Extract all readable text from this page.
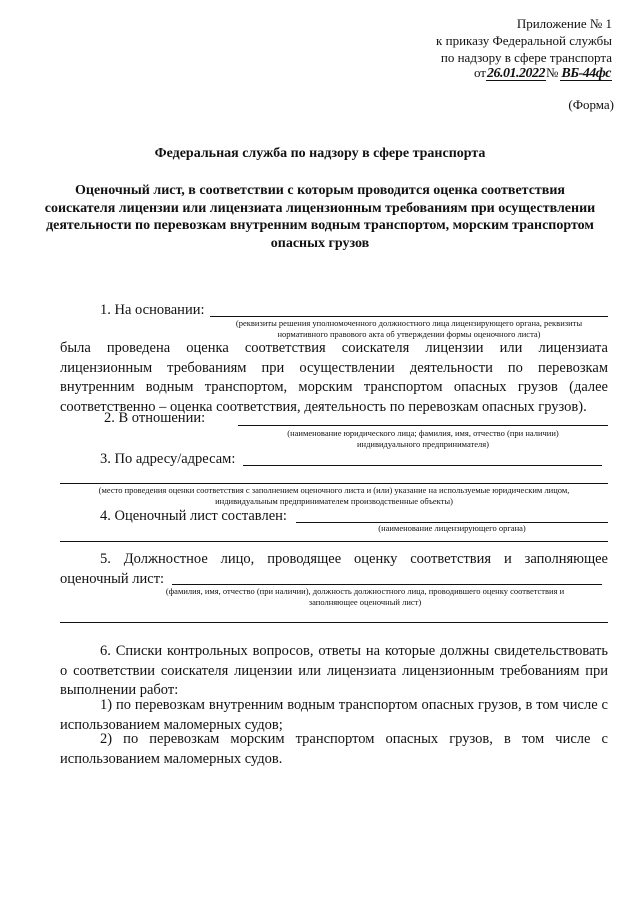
Приложение № 1
к приказу Федеральной службы
по надзору в сфере транспорта
от26.01.2022№ ВБ-44фс
(Форма)
Федеральная служба по надзору в сфере транспорта
Оценочный лист, в соответствии с которым проводится оценка соответствия соискателя лицензии или лицензиата лицензионным требованиям при осуществлении деятельности по перевозкам внутренним водным транспортом, морским транспортом опасных грузов
1. На основании:
(реквизиты решения уполномоченного должностного лица лицензирующего органа, реквизиты
нормативного правового акта об утверждении формы оценочного листа)
была проведена оценка соответствия соискателя лицензии или лицензиата лицензионным требованиям при осуществлении деятельности по перевозкам внутренним водным транспортом, морским транспортом опасных грузов (далее соответственно – оценка соответствия, деятельность по перевозкам опасных грузов).
2. В отношении:
(наименование юридического лица; фамилия, имя, отчество (при наличии)
индивидуального предпринимателя)
3. По адресу/адресам:
(место проведения оценки соответствия с заполнением оценочного листа и (или) указание на используемые юридическим лицом,
индивидуальным предпринимателем производственные объекты)
4. Оценочный лист составлен:
(наименование лицензирующего органа)
5. Должностное лицо, проводящее оценку соответствия и заполняющее
оценочный лист:
(фамилия, имя, отчество (при наличии), должность должностного лица, проводившего оценку соответствия и
заполняющее оценочный лист)
6. Списки контрольных вопросов, ответы на которые должны свидетельствовать о соответствии соискателя лицензии или лицензиата лицензионным требованиям при выполнении работ:
1) по перевозкам внутренним водным транспортом опасных грузов, в том числе с использованием маломерных судов;
2) по перевозкам морским транспортом опасных грузов, в том числе с использованием маломерных судов.
